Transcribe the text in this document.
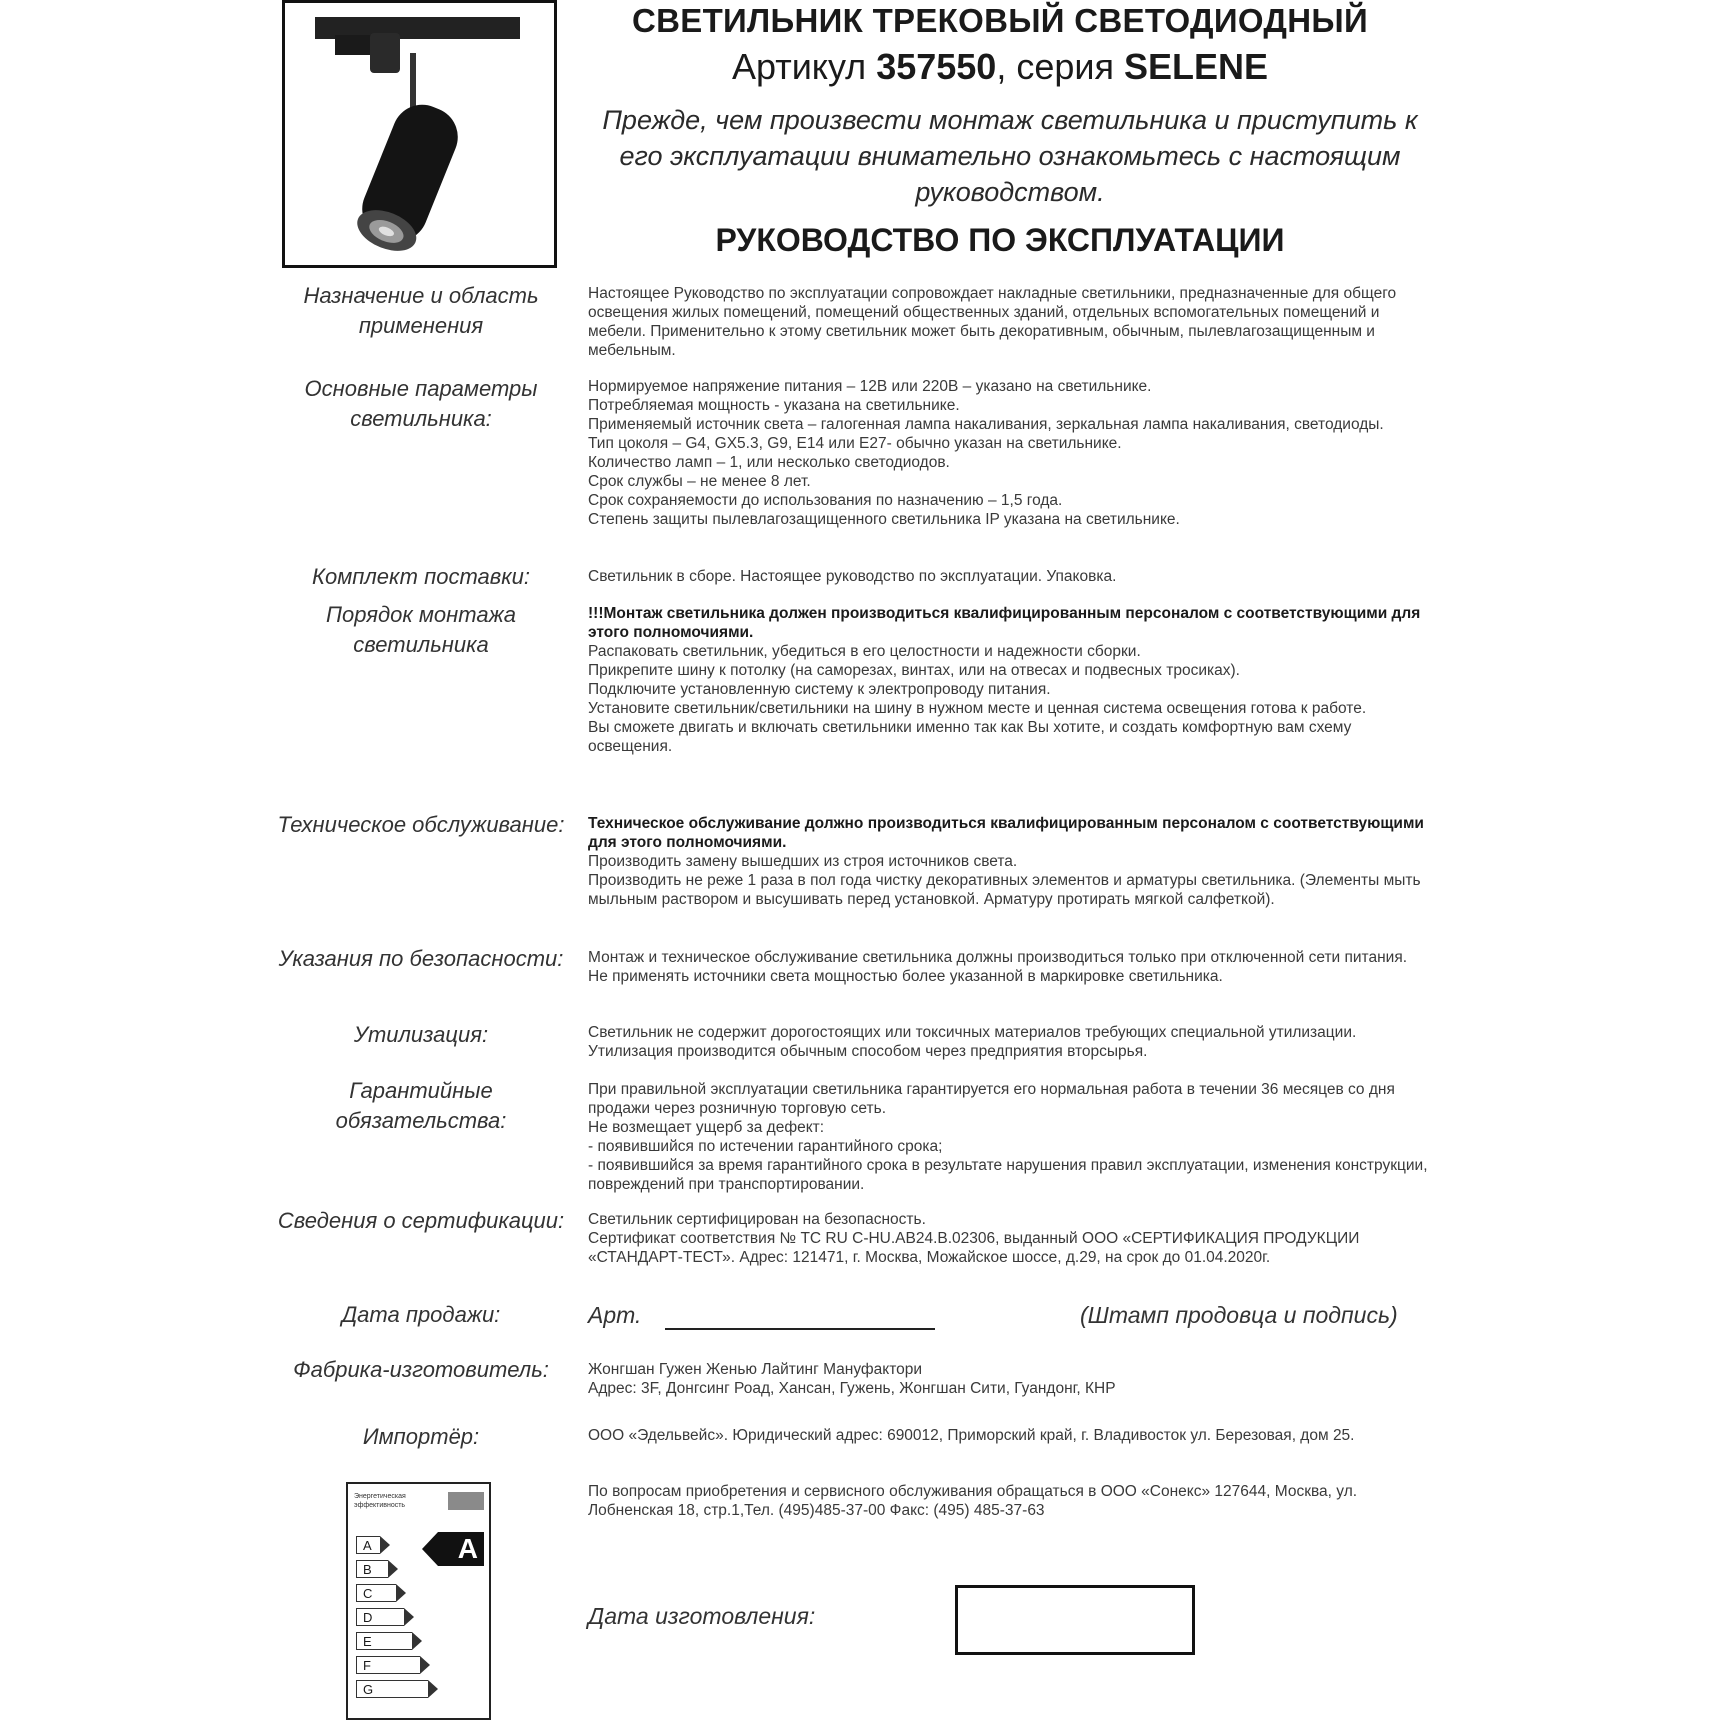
СВЕТИЛЬНИК ТРЕКОВЫЙ СВЕТОДИОДНЫЙ
Артикул 357550, серия SELENE
Прежде, чем произвести монтаж светильника и приступить к его эксплуатации внимательно ознакомьтесь с настоящим руководством.
РУКОВОДСТВО ПО ЭКСПЛУАТАЦИИ
Назначение и область применения
Настоящее Руководство по эксплуатации сопровождает накладные светильники, предназначенные для общего освещения жилых помещений, помещений общественных зданий, отдельных вспомогательных помещений и мебели. Применительно к этому светильник может быть декоративным, обычным, пылевлагозащищенным и мебельным.
Основные параметры светильника:
Нормируемое напряжение питания – 12В или 220В – указано на светильнике.
Потребляемая мощность - указана на светильнике.
Применяемый источник света – галогенная лампа накаливания, зеркальная лампа накаливания, светодиоды.
Тип цоколя – G4, GX5.3, G9, E14 или E27- обычно указан на светильнике.
Количество ламп – 1, или несколько светодиодов.
Срок службы – не менее 8 лет.
Срок сохраняемости до использования по назначению – 1,5 года.
Степень защиты пылевлагозащищенного светильника IP указана на светильнике.
Комплект поставки:	Светильник в сборе. Настоящее руководство по эксплуатации. Упаковка.
Порядок монтажа светильника
!!!Монтаж светильника должен производиться квалифицированным персоналом с соответствующими для этого полномочиями.
Распаковать светильник, убедиться в его целостности и надежности сборки.
Прикрепите шину к потолку (на саморезах, винтах, или на отвесах и подвесных тросиках).
Подключите установленную систему к электропроводу питания.
Установите светильник/светильники на шину в нужном месте и ценная система освещения готова к работе.
Вы сможете двигать и включать светильники именно так как Вы хотите, и создать комфортную вам схему освещения.
Техническое обслуживание: Техническое обслуживание должно производиться квалифицированным персоналом с соответствующими для этого полномочиями.
Производить замену вышедших из строя источников света.
Производить не реже 1 раза в пол года чистку декоративных элементов и арматуры светильника. (Элементы мыть мыльным раствором и высушивать перед установкой. Арматуру протирать мягкой салфеткой).
Указания по безопасности: Монтаж и техническое обслуживание светильника должны производиться только при отключенной сети питания.
Не применять источники света мощностью более указанной в маркировке светильника.
Утилизация:	Светильник не содержит дорогостоящих или токсичных материалов требующих специальной утилизации. Утилизация производится обычным способом через предприятия вторсырья.
Гарантийные обязательства:
При правильной эксплуатации светильника гарантируется его нормальная работа в течении 36 месяцев со дня продажи через розничную торговую сеть.
Не возмещает ущерб за дефект:
- появившийся по истечении гарантийного срока;
- появившийся за время гарантийного срока в результате нарушения правил эксплуатации, изменения конструкции, повреждений при транспортировании.
Сведения о сертификации: Светильник сертифицирован на безопасность.
Сертификат соответствия № ТС RU C-HU.АВ24.В.02306, выданный ООО «СЕРТИФИКАЦИЯ ПРОДУКЦИИ «СТАНДАРТ-ТЕСТ». Адрес: 121471, г. Москва, Можайское шоссе, д.29, на срок до 01.04.2020г.
Дата продажи:	Арт.	(Штамп продовца и подпись)
Фабрика-изготовитель:	Жонгшан Гужен Женью Лайтинг Мануфактори
Адрес: 3F, Донгсинг Роад, Хансан, Гужень, Жонгшан Сити, Гуандонг, КНР
Импортёр:	ООО «Эдельвейс». Юридический адрес: 690012, Приморский край, г. Владивосток ул. Березовая, дом 25.
По вопросам приобретения и сервисного обслуживания обращаться в ООО «Сонекс» 127644, Москва, ул. Лобненская 18, стр.1,Тел. (495)485-37-00 Факс: (495) 485-37-63
Энергетическая эффективность
A
B
C
D
E
F
G
A
Дата изготовления:
